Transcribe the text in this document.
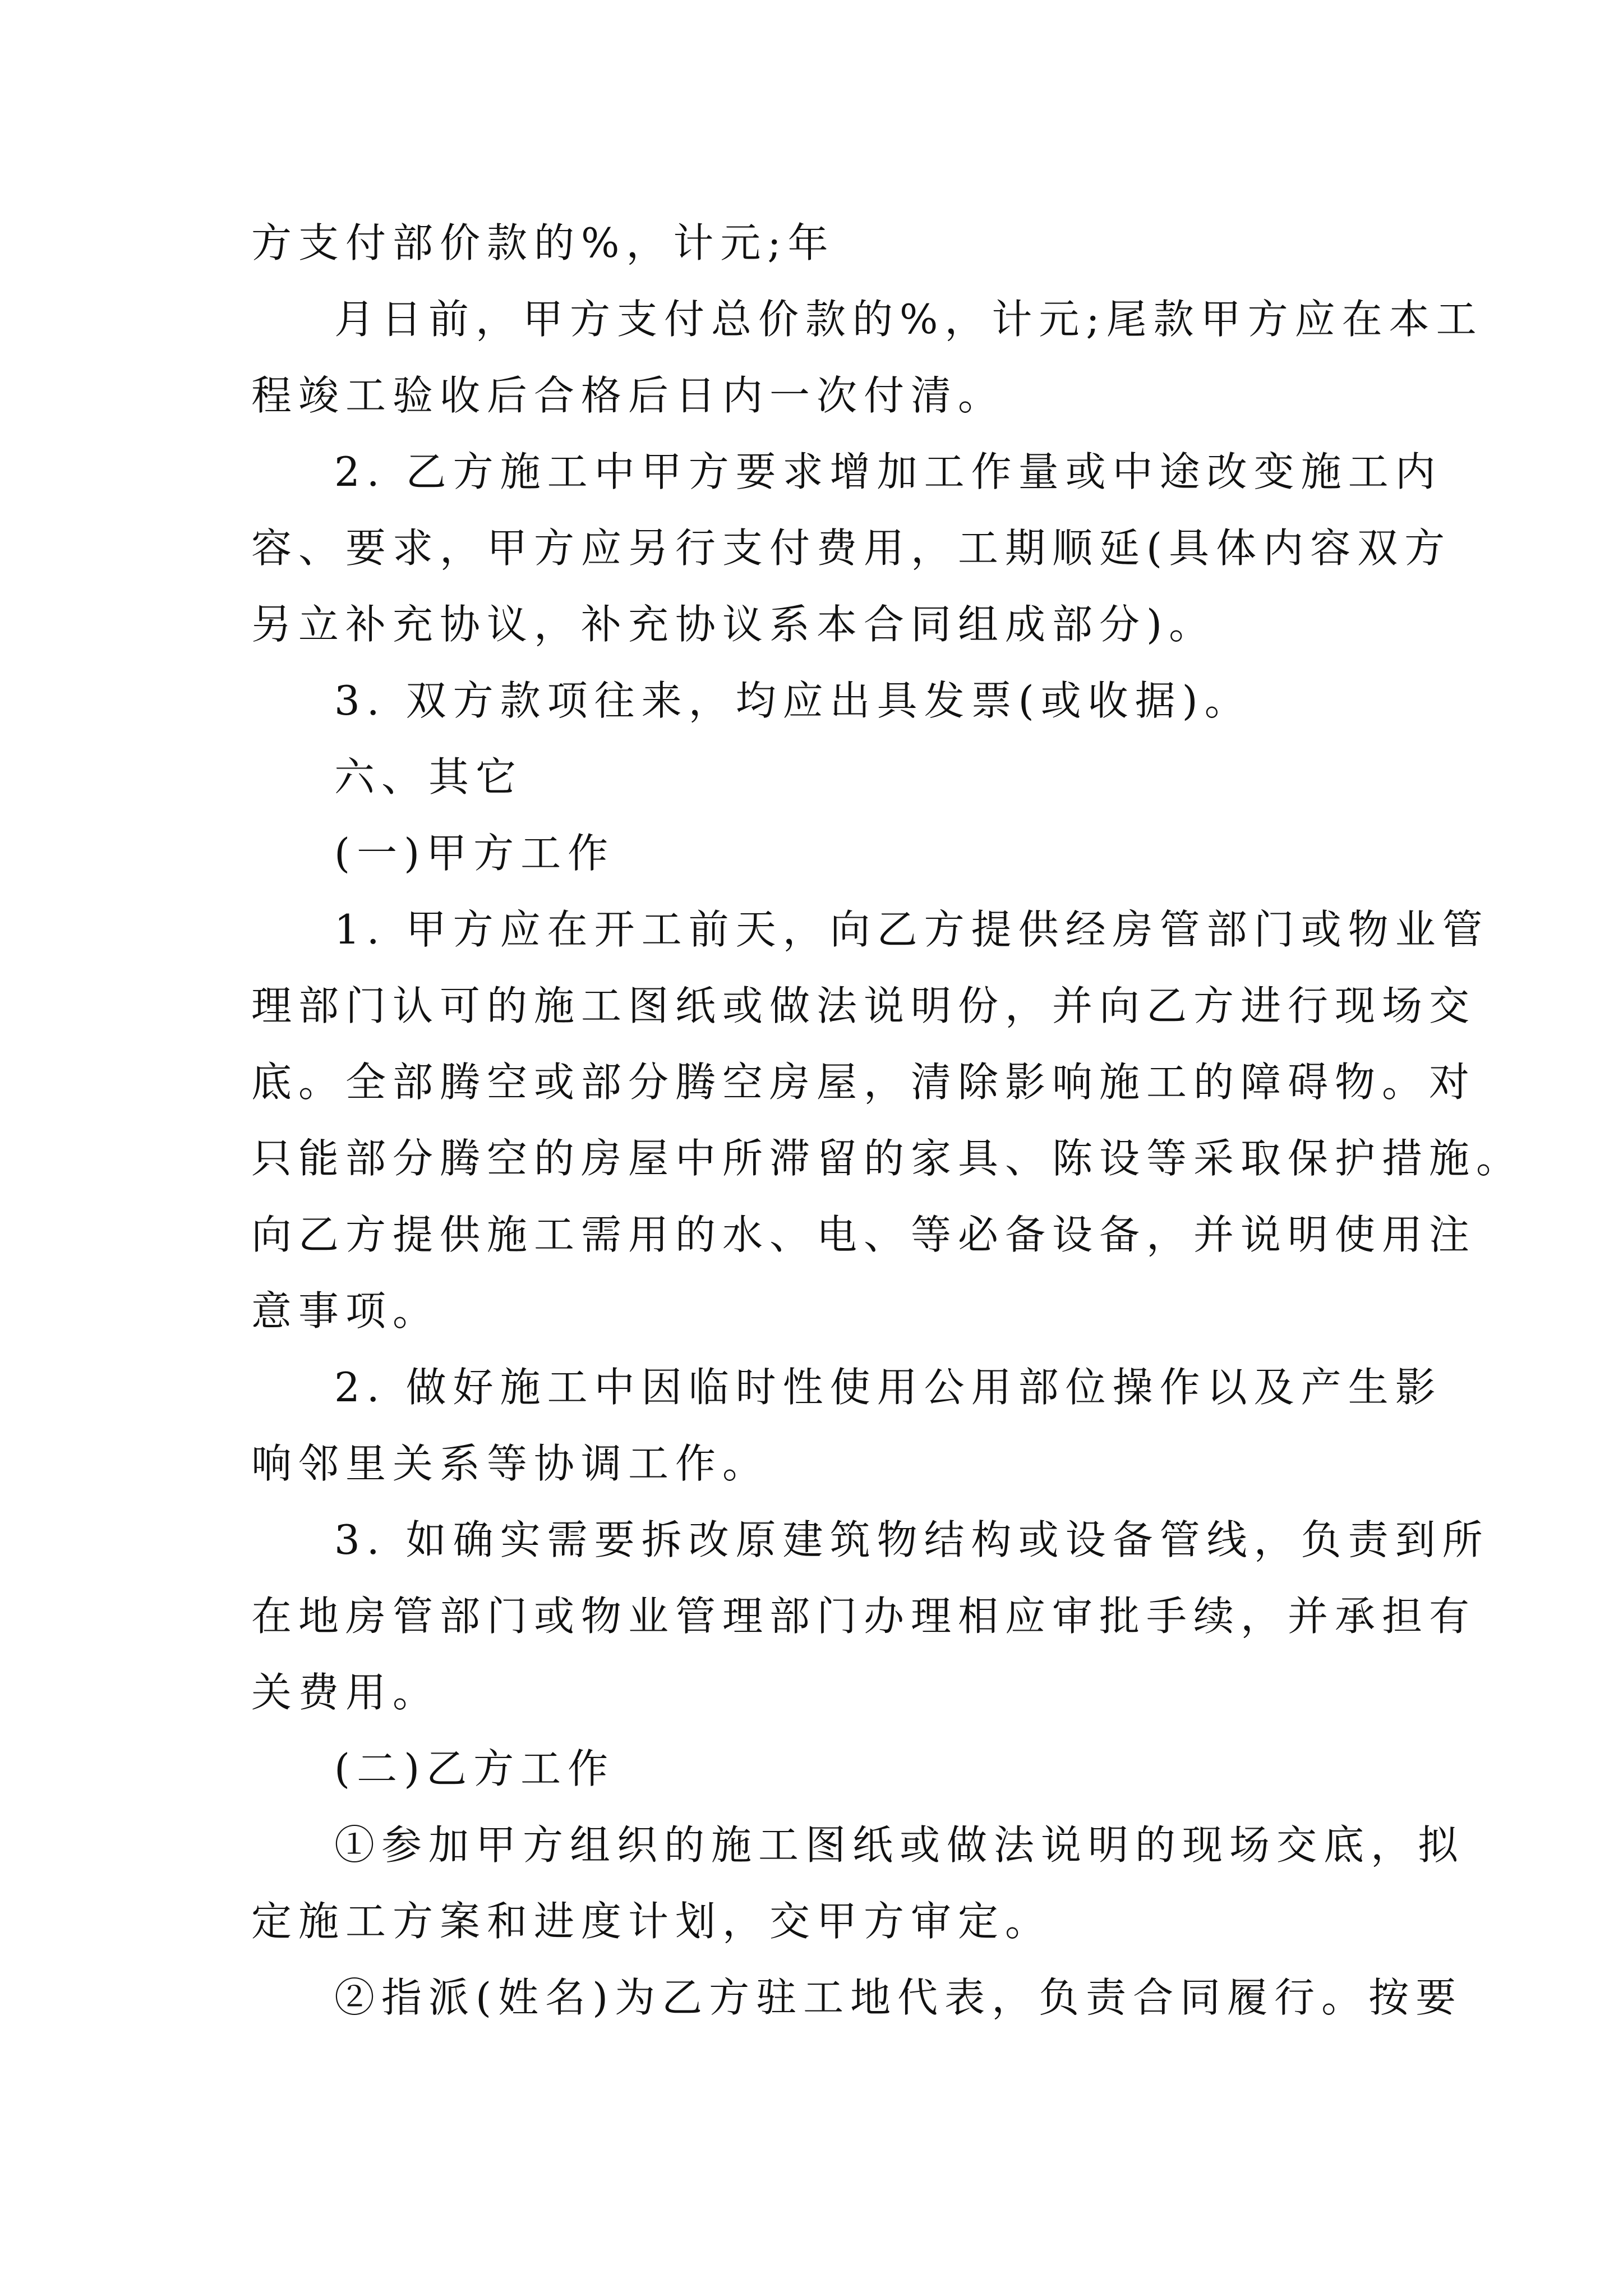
方支付部价款的%，计元;年
月日前，甲方支付总价款的%，计元;尾款甲方应在本工
程竣工验收后合格后日内一次付清。
2. 乙方施工中甲方要求增加工作量或中途改变施工内
容、要求，甲方应另行支付费用，工期顺延(具体内容双方
另立补充协议，补充协议系本合同组成部分)。
3. 双方款项往来，均应出具发票(或收据)。
六、其它
(一)甲方工作
1. 甲方应在开工前天，向乙方提供经房管部门或物业管
理部门认可的施工图纸或做法说明份，并向乙方进行现场交
底。全部腾空或部分腾空房屋，清除影响施工的障碍物。对
只能部分腾空的房屋中所滞留的家具、陈设等采取保护措施。
向乙方提供施工需用的水、电、等必备设备，并说明使用注
意事项。
2. 做好施工中因临时性使用公用部位操作以及产生影
响邻里关系等协调工作。
3. 如确实需要拆改原建筑物结构或设备管线，负责到所
在地房管部门或物业管理部门办理相应审批手续，并承担有
关费用。
(二)乙方工作
①参加甲方组织的施工图纸或做法说明的现场交底，拟
定施工方案和进度计划，交甲方审定。
②指派(姓名)为乙方驻工地代表，负责合同履行。按要
